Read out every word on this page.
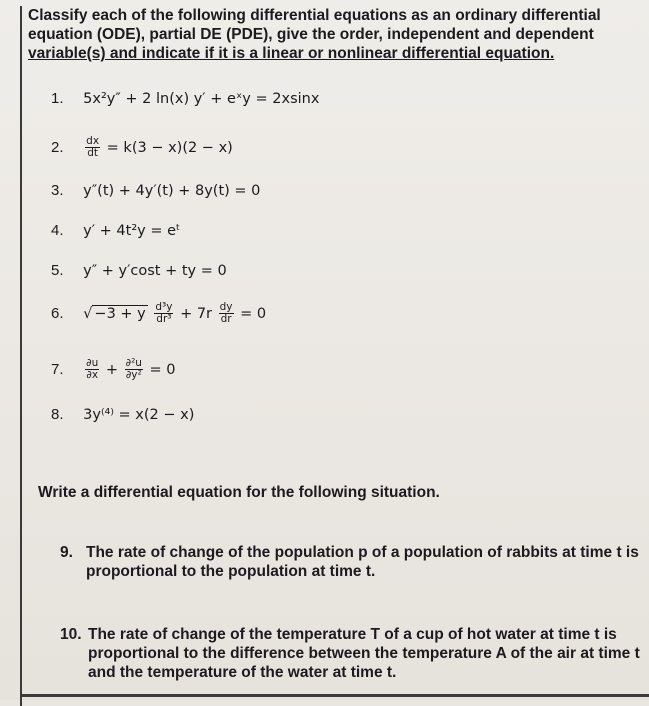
Classify each of the following differential equations as an ordinary differential
equation (ODE), partial DE (PDE), give the order, independent and dependent
variable(s) and indicate if it is a linear or nonlinear differential equation.
1. 5x²y″ + 2 ln(x) y′ + eˣy = 2xsinx
2. $\frac{dx}{dt} = k(3 - x)(2 - x)$
3. y″(t) + 4y′(t) + 8y(t) = 0
4. y′ + 4t²y = eᵗ
5. y″ + y′cost + ty = 0
6. √ −3 + y $\frac{\text{d³y}}{\text{dr³}} + 7r \frac{dy}{dr} = 0$
7. $\frac{\partial u}{\partial x} + \frac{\text{∂²u}}{\text{∂y²}} = 0$
8. 3y⁽⁴⁾ = x(2 − x)
Write a differential equation for the following situation.
9. The rate of change of the population p of a population of rabbits at time t is
proportional to the population at time t.
10. The rate of change of the temperature T of a cup of hot water at time t is
proportional to the difference between the temperature A of the air at time t
and the temperature of the water at time t.
